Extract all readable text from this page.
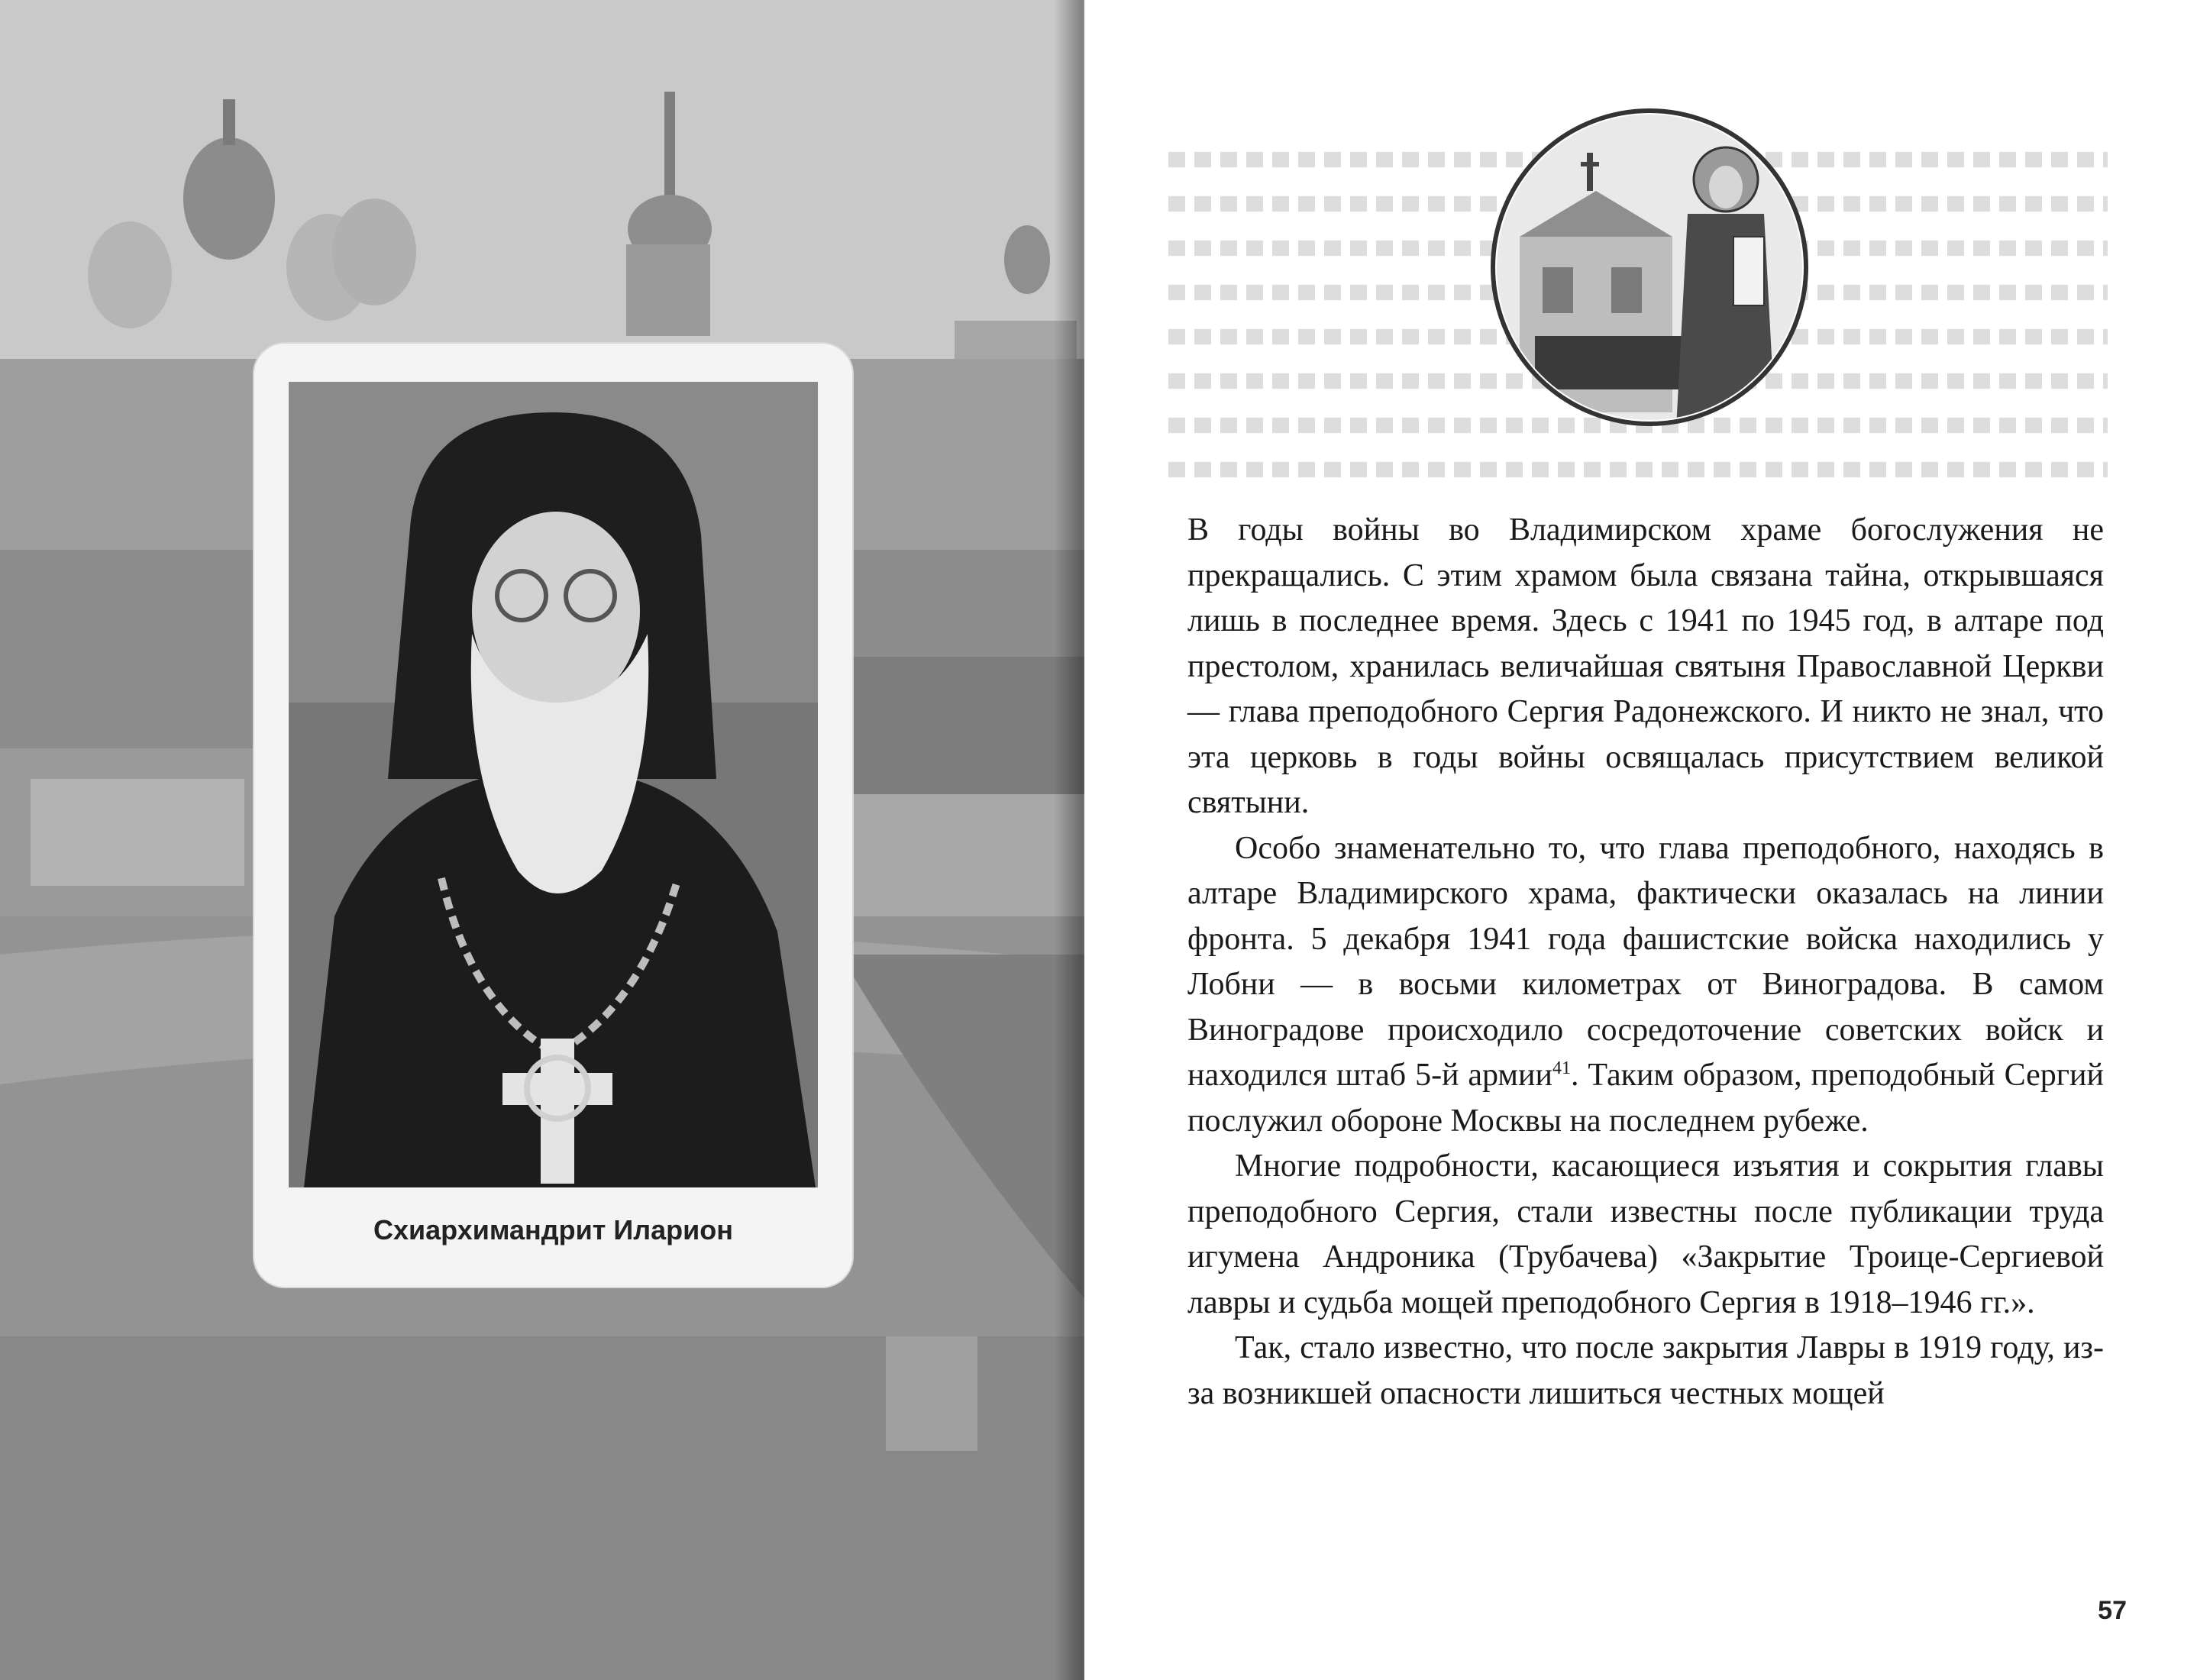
Схиархимандрит Иларион

В годы войны во Владимирском храме богослужения не прекращались. С этим храмом была связана тайна, открывшаяся лишь в последнее время. Здесь с 1941 по 1945 год, в алтаре под престолом, хранилась величайшая святыня Православной Церкви — глава преподобного Сергия Радонежского. И никто не знал, что эта церковь в годы войны освящалась присутствием великой святыни.

Особо знаменательно то, что глава преподобного, находясь в алтаре Владимирского храма, фактически оказалась на линии фронта. 5 декабря 1941 года фашистские войска находились у Лобни — в восьми километрах от Виноградова. В самом Виноградове происходило сосредоточение советских войск и находился штаб 5-й армии$^{41}$. Таким образом, преподобный Сергий послужил обороне Москвы на последнем рубеже.

Многие подробности, касающиеся изъятия и сокрытия главы преподобного Сергия, стали известны после публикации труда игумена Андроника (Трубачева) «Закрытие Троице-Сергиевой лавры и судьба мощей преподобного Сергия в 1918–1946 гг.».

Так, стало известно, что после закрытия Лавры в 1919 году, из-за возникшей опасности лишиться честных мощей

57
